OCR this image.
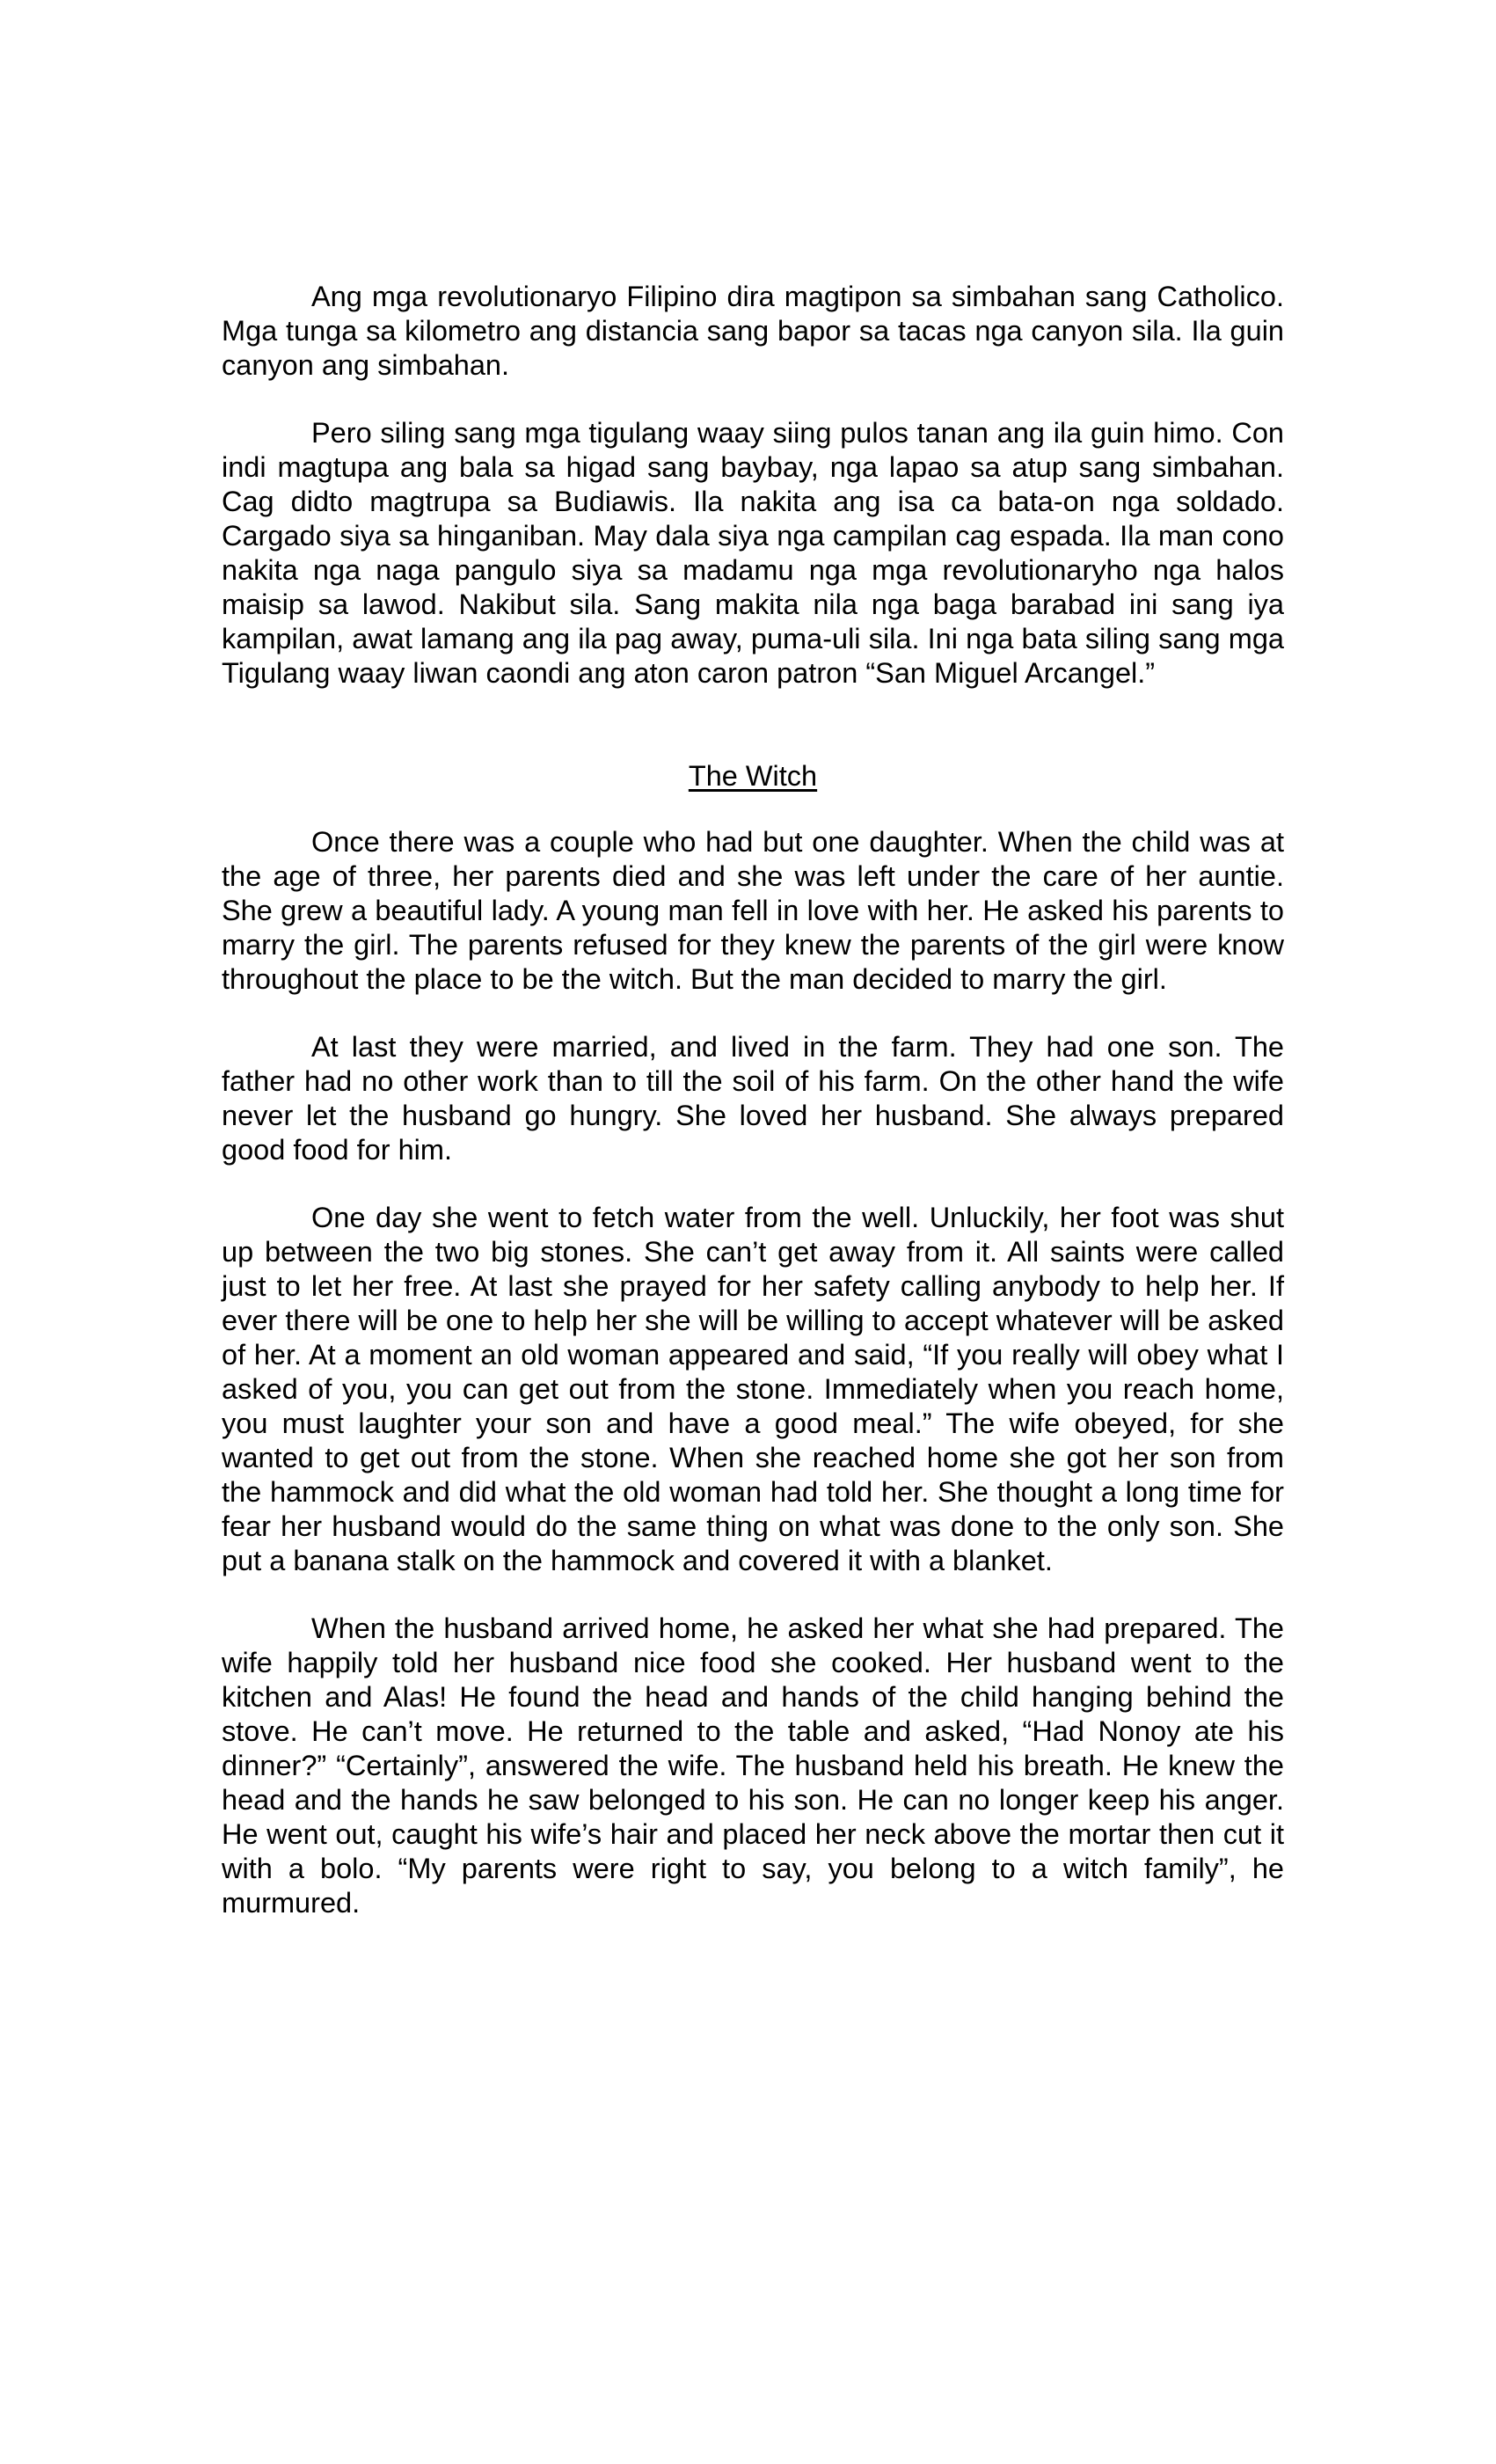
Ang mga revolutionaryo Filipino dira magtipon sa simbahan sang Catholico. Mga tunga sa kilometro ang distancia sang bapor sa tacas nga canyon sila. Ila guin canyon ang simbahan.

Pero siling sang mga tigulang waay siing pulos tanan ang ila guin himo. Con indi magtupa ang bala sa higad sang baybay, nga lapao sa atup sang simbahan. Cag didto magtrupa sa Budiawis. Ila nakita ang isa ca bata-on nga soldado. Cargado siya sa hinganiban. May dala siya nga campilan cag espada. Ila man cono nakita nga naga pangulo siya sa madamu nga mga revolutionaryho nga halos maisip sa lawod. Nakibut sila. Sang makita nila nga baga barabad ini sang iya kampilan, awat lamang ang ila pag away, puma-uli sila. Ini nga bata siling sang mga Tigulang waay liwan caondi ang aton caron patron “San Miguel Arcangel.”

The Witch

Once there was a couple who had but one daughter. When the child was at the age of three, her parents died and she was left under the care of her auntie. She grew a beautiful lady. A young man fell in love with her. He asked his parents to marry the girl. The parents refused for they knew the parents of the girl were know throughout the place to be the witch. But the man decided to marry the girl.

At last they were married, and lived in the farm. They had one son. The father had no other work than to till the soil of his farm. On the other hand the wife never let the husband go hungry. She loved her husband. She always prepared good food for him.

One day she went to fetch water from the well. Unluckily, her foot was shut up between the two big stones. She can’t get away from it. All saints were called just to let her free. At last she prayed for her safety calling anybody to help her. If ever there will be one to help her she will be willing to accept whatever will be asked of her. At a moment an old woman appeared and said, “If you really will obey what I asked of you, you can get out from the stone. Immediately when you reach home, you must laughter your son and have a good meal.” The wife obeyed, for she wanted to get out from the stone. When she reached home she got her son from the hammock and did what the old woman had told her. She thought a long time for fear her husband would do the same thing on what was done to the only son. She put a banana stalk on the hammock and covered it with a blanket.

When the husband arrived home, he asked her what she had prepared. The wife happily told her husband nice food she cooked. Her husband went to the kitchen and Alas! He found the head and hands of the child hanging behind the stove. He can’t move. He returned to the table and asked, “Had Nonoy ate his dinner?” “Certainly”, answered the wife. The husband held his breath. He knew the head and the hands he saw belonged to his son. He can no longer keep his anger. He went out, caught his wife’s hair and placed her neck above the mortar then cut it with a bolo. “My parents were right to say, you belong to a witch family”, he murmured.
